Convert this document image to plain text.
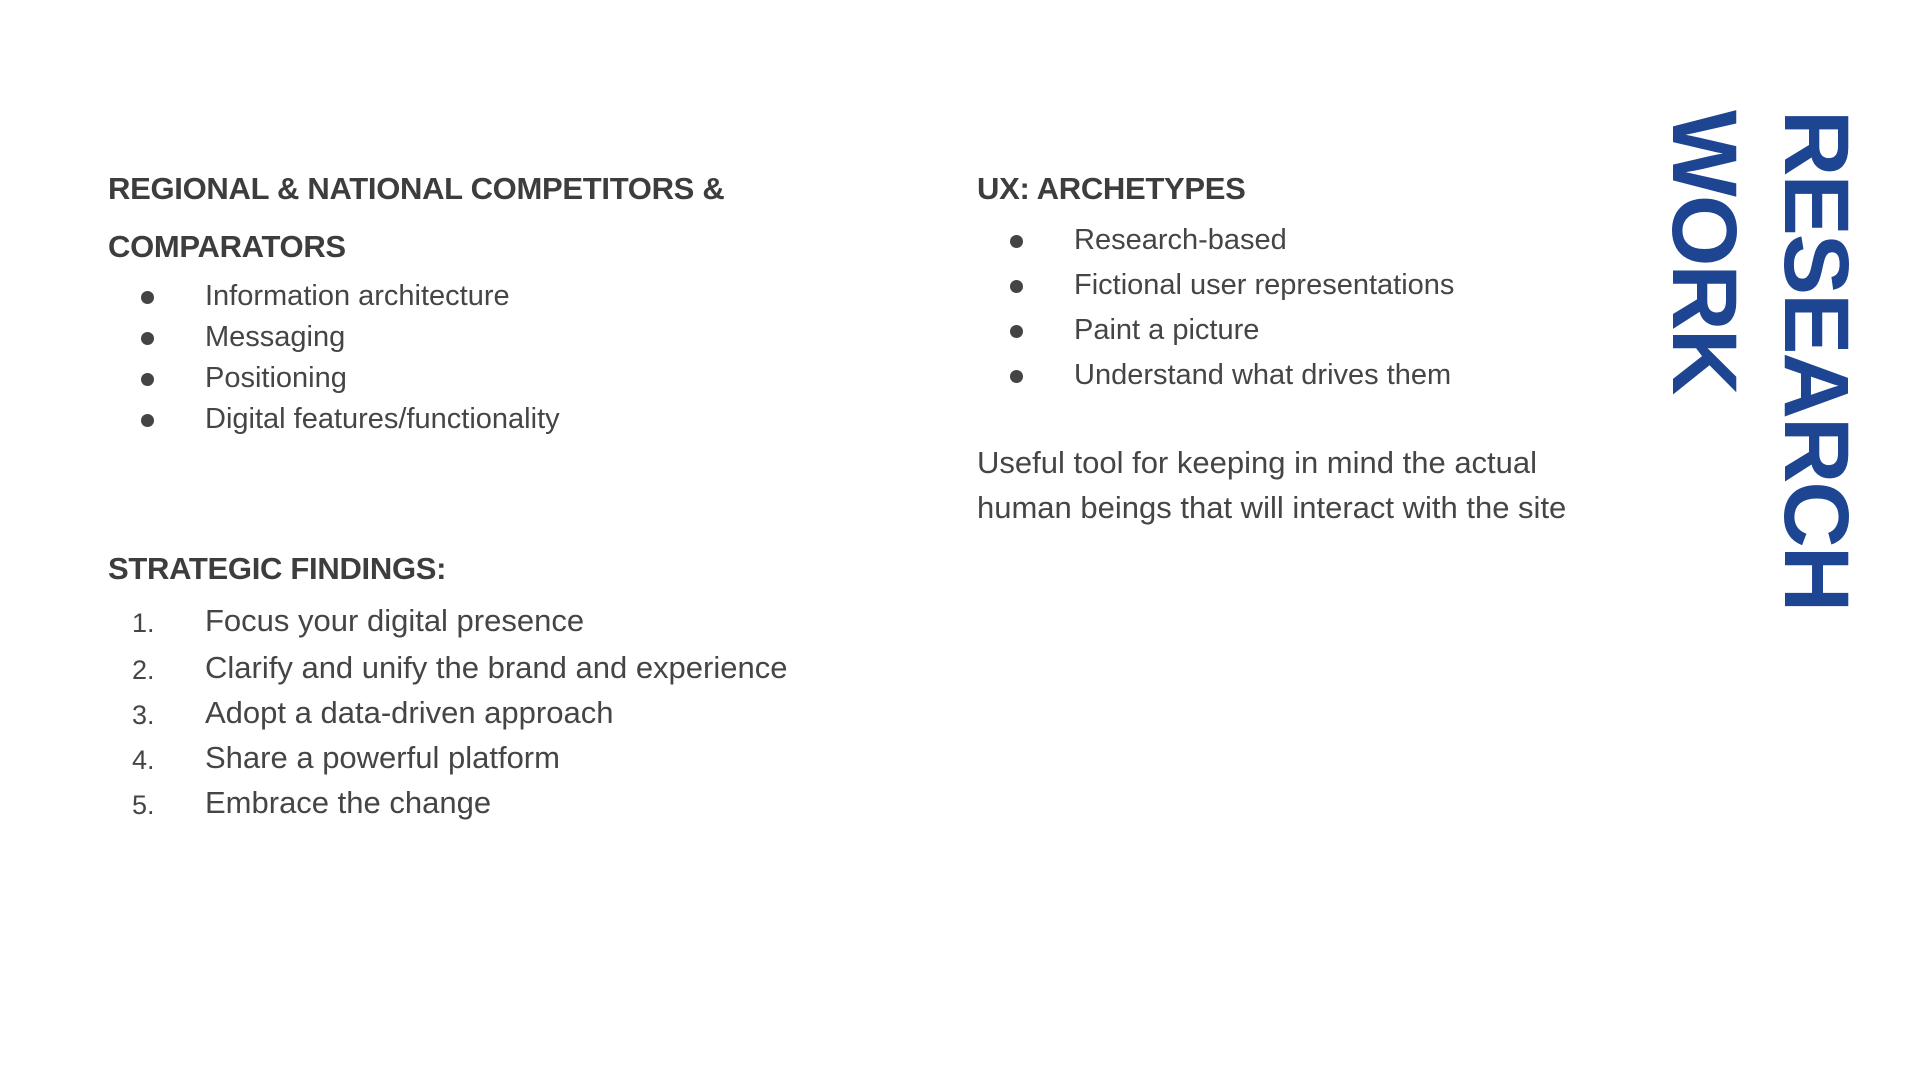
REGIONAL & NATIONAL COMPETITORS &
COMPARATORS
Information architecture
Messaging
Positioning
Digital features/functionality
STRATEGIC FINDINGS:
1. Focus your digital presence
2. Clarify and unify the brand and experience
3. Adopt a data-driven approach
4. Share a powerful platform
5. Embrace the change
UX: ARCHETYPES
Research-based
Fictional user representations
Paint a picture
Understand what drives them

Useful tool for keeping in mind the actual human beings that will interact with the site RESEARCH
WORK
